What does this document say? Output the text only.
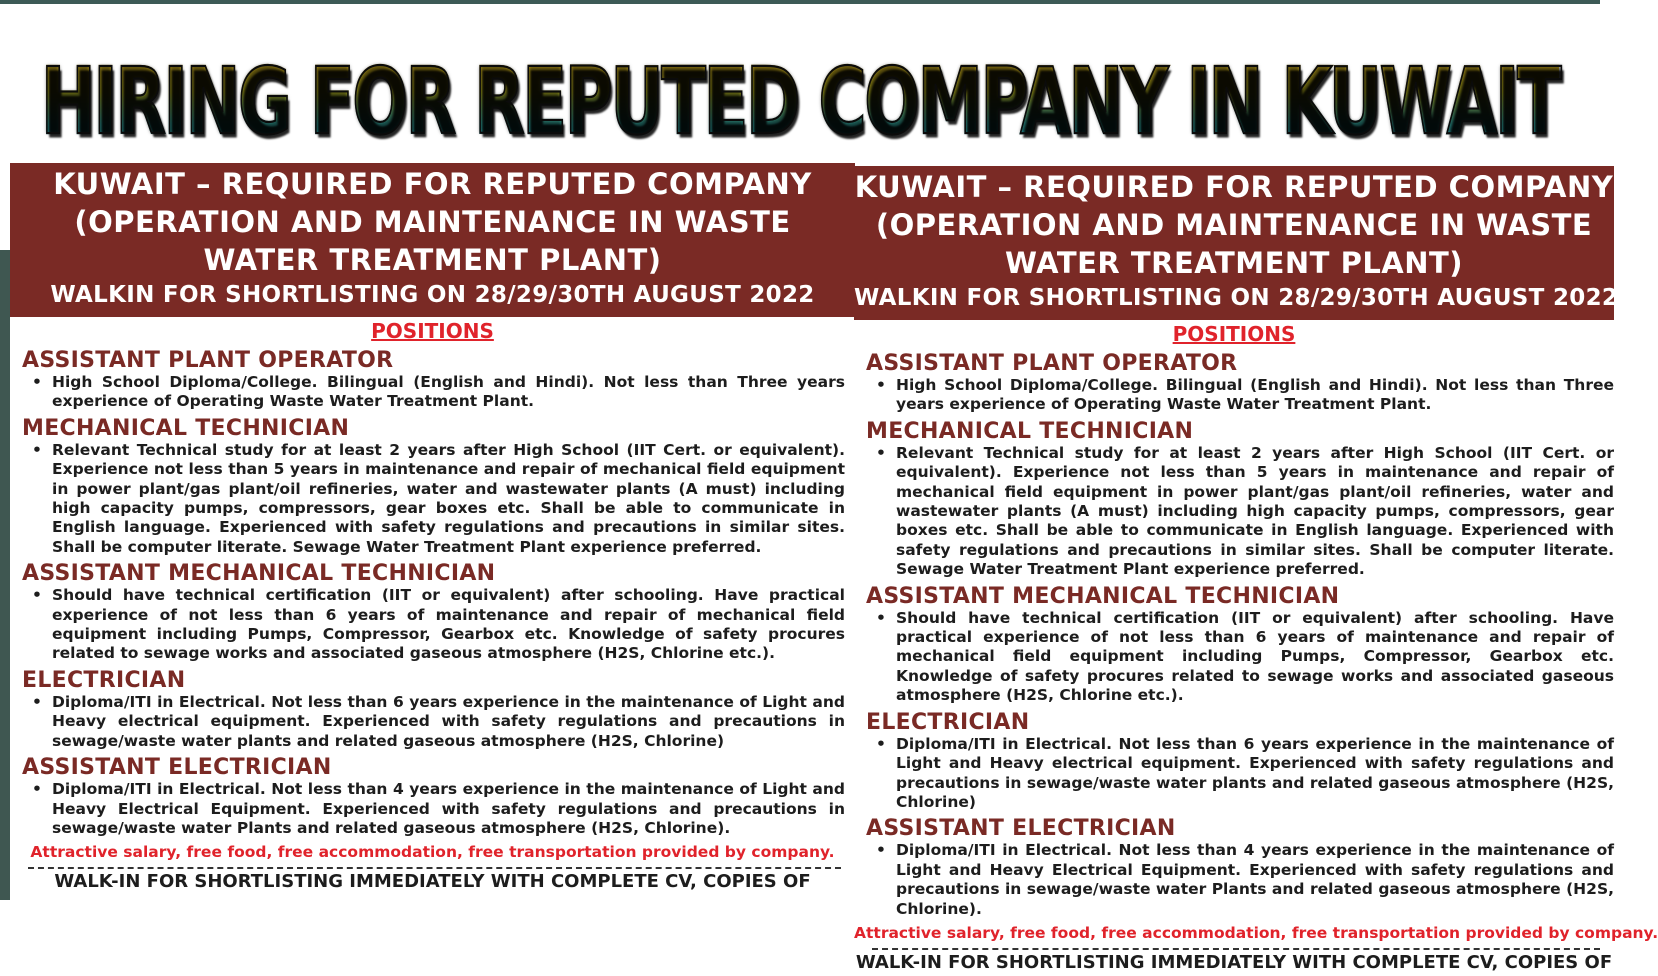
HIRING FOR REPUTED COMPANY IN KUWAIT
KUWAIT – REQUIRED FOR REPUTED COMPANY
(OPERATION AND MAINTENANCE IN WASTE
WATER TREATMENT PLANT)
WALKIN FOR SHORTLISTING ON 28/29/30TH AUGUST 2022
POSITIONS
ASSISTANT PLANT OPERATOR
• High School Diploma/College. Bilingual (English and Hindi). Not less than Three years experience of Operating Waste Water Treatment Plant.
MECHANICAL TECHNICIAN
• Relevant Technical study for at least 2 years after High School (IIT Cert. or equivalent). Experience not less than 5 years in maintenance and repair of mechanical field equipment in power plant/gas plant/oil refineries, water and wastewater plants (A must) including high capacity pumps, compressors, gear boxes etc. Shall be able to communicate in English language. Experienced with safety regulations and precautions in similar sites. Shall be computer literate. Sewage Water Treatment Plant experience preferred.
ASSISTANT MECHANICAL TECHNICIAN
• Should have technical certification (IIT or equivalent) after schooling. Have practical experience of not less than 6 years of maintenance and repair of mechanical field equipment including Pumps, Compressor, Gearbox etc. Knowledge of safety procures related to sewage works and associated gaseous atmosphere (H2S, Chlorine etc.).
ELECTRICIAN
• Diploma/ITI in Electrical. Not less than 6 years experience in the maintenance of Light and Heavy electrical equipment. Experienced with safety regulations and precautions in sewage/waste water plants and related gaseous atmosphere (H2S, Chlorine)
ASSISTANT ELECTRICIAN
• Diploma/ITI in Electrical. Not less than 4 years experience in the maintenance of Light and Heavy Electrical Equipment. Experienced with safety regulations and precautions in sewage/waste water Plants and related gaseous atmosphere (H2S, Chlorine).
Attractive salary, free food, free accommodation, free transportation provided by company.
WALK-IN FOR SHORTLISTING IMMEDIATELY WITH COMPLETE CV, COPIES OF
KUWAIT – REQUIRED FOR REPUTED COMPANY
(OPERATION AND MAINTENANCE IN WASTE
WATER TREATMENT PLANT)
WALKIN FOR SHORTLISTING ON 28/29/30TH AUGUST 2022
POSITIONS
ASSISTANT PLANT OPERATOR
• High School Diploma/College. Bilingual (English and Hindi). Not less than Three years experience of Operating Waste Water Treatment Plant.
MECHANICAL TECHNICIAN
• Relevant Technical study for at least 2 years after High School (IIT Cert. or equivalent). Experience not less than 5 years in maintenance and repair of mechanical field equipment in power plant/gas plant/oil refineries, water and wastewater plants (A must) including high capacity pumps, compressors, gear boxes etc. Shall be able to communicate in English language. Experienced with safety regulations and precautions in similar sites. Shall be computer literate. Sewage Water Treatment Plant experience preferred.
ASSISTANT MECHANICAL TECHNICIAN
• Should have technical certification (IIT or equivalent) after schooling. Have practical experience of not less than 6 years of maintenance and repair of mechanical field equipment including Pumps, Compressor, Gearbox etc. Knowledge of safety procures related to sewage works and associated gaseous atmosphere (H2S, Chlorine etc.).
ELECTRICIAN
• Diploma/ITI in Electrical. Not less than 6 years experience in the maintenance of Light and Heavy electrical equipment. Experienced with safety regulations and precautions in sewage/waste water plants and related gaseous atmosphere (H2S, Chlorine)
ASSISTANT ELECTRICIAN
• Diploma/ITI in Electrical. Not less than 4 years experience in the maintenance of Light and Heavy Electrical Equipment. Experienced with safety regulations and precautions in sewage/waste water Plants and related gaseous atmosphere (H2S, Chlorine).
Attractive salary, free food, free accommodation, free transportation provided by company.
WALK-IN FOR SHORTLISTING IMMEDIATELY WITH COMPLETE CV, COPIES OF
